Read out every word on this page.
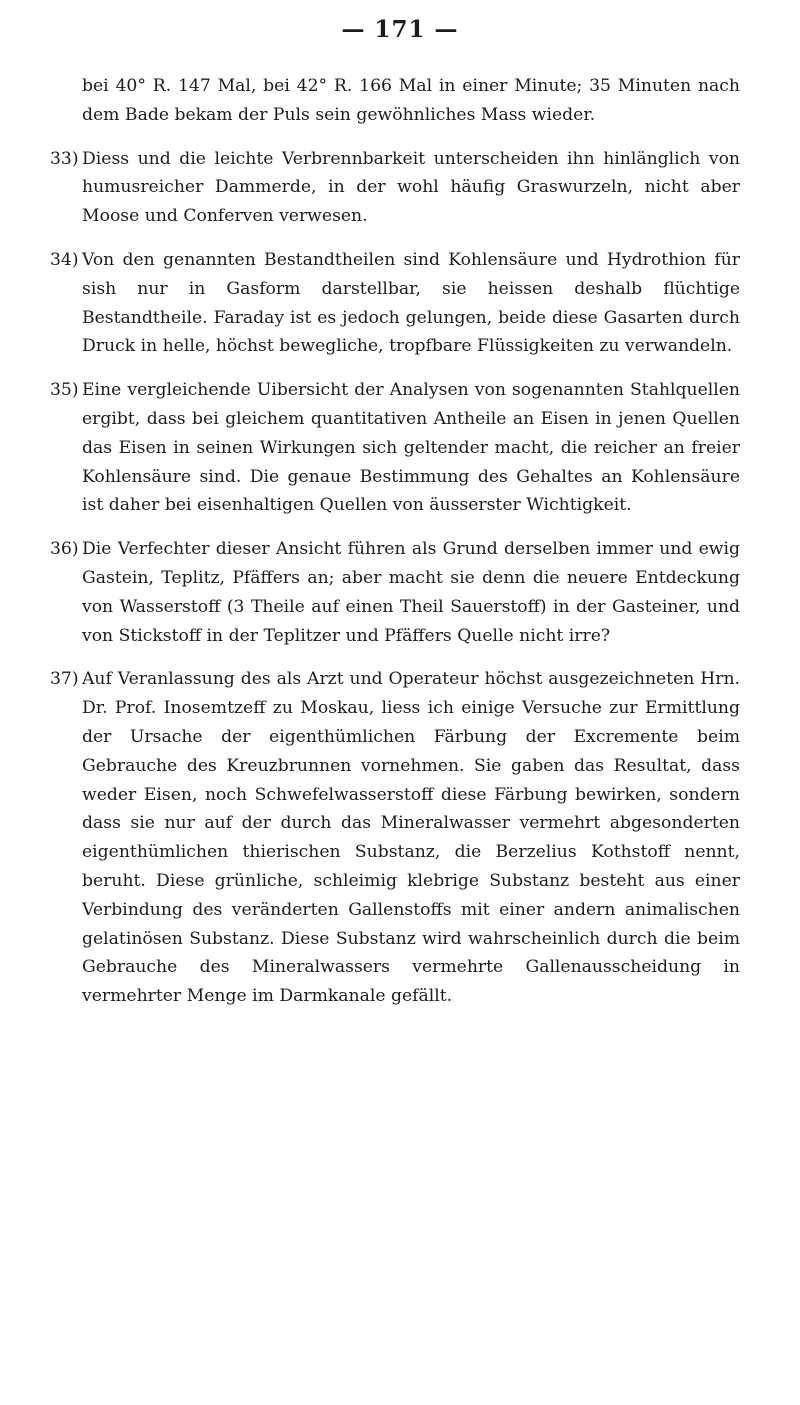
— 171 —
bei 40° R. 147 Mal, bei 42° R. 166 Mal in einer Minute; 35 Minuten nach dem Bade bekam der Puls sein gewöhnliches Mass wieder.
33) Diess und die leichte Verbrennbarkeit unterscheiden ihn hinlänglich von humusreicher Dammerde, in der wohl häufig Graswurzeln, nicht aber Moose und Conferven verwesen.
34) Von den genannten Bestandtheilen sind Kohlensäure und Hydrothion für sish nur in Gasform darstellbar, sie heissen deshalb flüchtige Bestandtheile. Faraday ist es jedoch gelungen, beide diese Gasarten durch Druck in helle, höchst bewegliche, tropfbare Flüssigkeiten zu verwandeln.
35) Eine vergleichende Uibersicht der Analysen von sogenannten Stahlquellen ergibt, dass bei gleichem quantitativen Antheile an Eisen in jenen Quellen das Eisen in seinen Wirkungen sich geltender macht, die reicher an freier Kohlensäure sind. Die genaue Bestimmung des Gehaltes an Kohlensäure ist daher bei eisenhaltigen Quellen von äusserster Wichtigkeit.
36) Die Verfechter dieser Ansicht führen als Grund derselben immer und ewig Gastein, Teplitz, Pfäffers an; aber macht sie denn die neuere Entdeckung von Wasserstoff (3 Theile auf einen Theil Sauerstoff) in der Gasteiner, und von Stickstoff in der Teplitzer und Pfäffers Quelle nicht irre?
37) Auf Veranlassung des als Arzt und Operateur höchst ausgezeichneten Hrn. Dr. Prof. Inosemtzeff zu Moskau, liess ich einige Versuche zur Ermittlung der Ursache der eigenthümlichen Färbung der Excremente beim Gebrauche des Kreuzbrunnen vornehmen. Sie gaben das Resultat, dass weder Eisen, noch Schwefelwasserstoff diese Färbung bewirken, sondern dass sie nur auf der durch das Mineralwasser vermehrt abgesonderten eigenthümlichen thierischen Substanz, die Berzelius Kothstoff nennt, beruht. Diese grünliche, schleimig klebrige Substanz besteht aus einer Verbindung des veränderten Gallenstoffs mit einer andern animalischen gelatinösen Substanz. Diese Substanz wird wahrscheinlich durch die beim Gebrauche des Mineralwassers vermehrte Gallenausscheidung in vermehrter Menge im Darmkanale gefällt.
